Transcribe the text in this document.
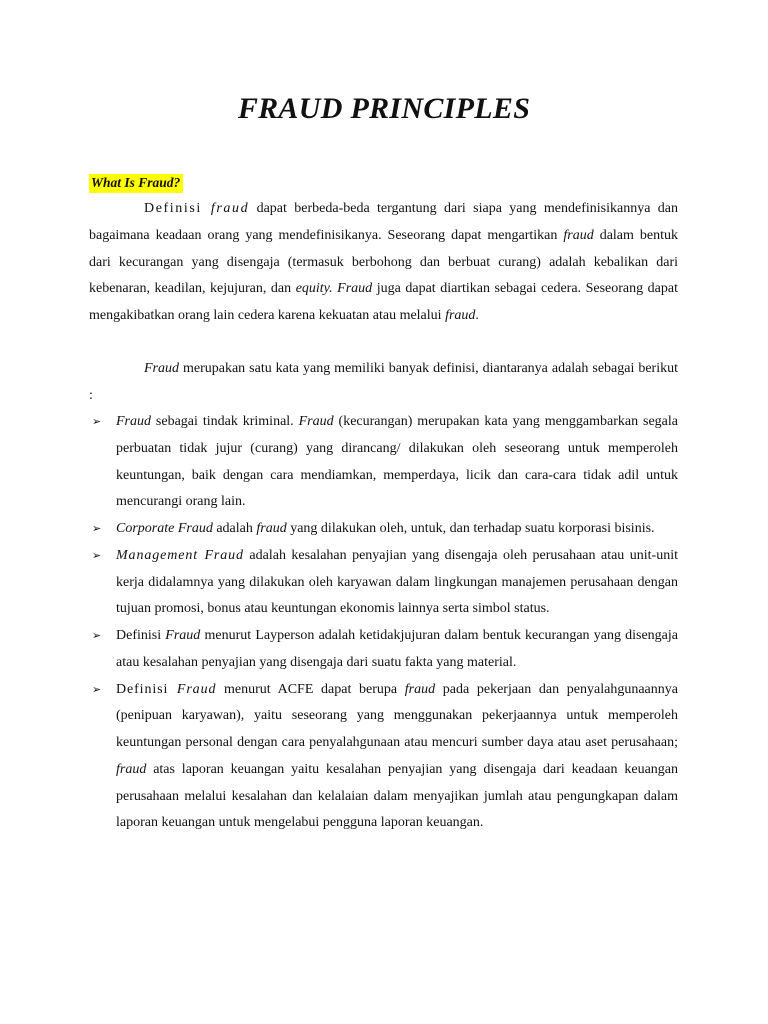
FRAUD PRINCIPLES
What Is Fraud?

Definisi fraud dapat berbeda-beda tergantung dari siapa yang mendefinisikannya dan bagaimana keadaan orang yang mendefinisikanya. Seseorang dapat mengartikan fraud dalam bentuk dari kecurangan yang disengaja (termasuk berbohong dan berbuat curang) adalah kebalikan dari kebenaran, keadilan, kejujuran, dan equity. Fraud juga dapat diartikan sebagai cedera. Seseorang dapat mengakibatkan orang lain cedera karena kekuatan atau melalui fraud.

Fraud merupakan satu kata yang memiliki banyak definisi, diantaranya adalah sebagai berikut :

➢ Fraud sebagai tindak kriminal. Fraud (kecurangan) merupakan kata yang menggambarkan segala perbuatan tidak jujur (curang) yang dirancang/ dilakukan oleh seseorang untuk memperoleh keuntungan, baik dengan cara mendiamkan, memperdaya, licik dan cara-cara tidak adil untuk mencurangi orang lain.
➢ Corporate Fraud adalah fraud yang dilakukan oleh, untuk, dan terhadap suatu korporasi bisinis.
➢ Management Fraud adalah kesalahan penyajian yang disengaja oleh perusahaan atau unit-unit kerja didalamnya yang dilakukan oleh karyawan dalam lingkungan manajemen perusahaan dengan tujuan promosi, bonus atau keuntungan ekonomis lainnya serta simbol status.
➢ Definisi Fraud menurut Layperson adalah ketidakjujuran dalam bentuk kecurangan yang disengaja atau kesalahan penyajian yang disengaja dari suatu fakta yang material.
➢ Definisi Fraud menurut ACFE dapat berupa fraud pada pekerjaan dan penyalahgunaannya (penipuan karyawan), yaitu seseorang yang menggunakan pekerjaannya untuk memperoleh keuntungan personal dengan cara penyalahgunaan atau mencuri sumber daya atau aset perusahaan; fraud atas laporan keuangan yaitu kesalahan penyajian yang disengaja dari keadaan keuangan perusahaan melalui kesalahan dan kelalaian dalam menyajikan jumlah atau pengungkapan dalam laporan keuangan untuk mengelabui pengguna laporan keuangan.
